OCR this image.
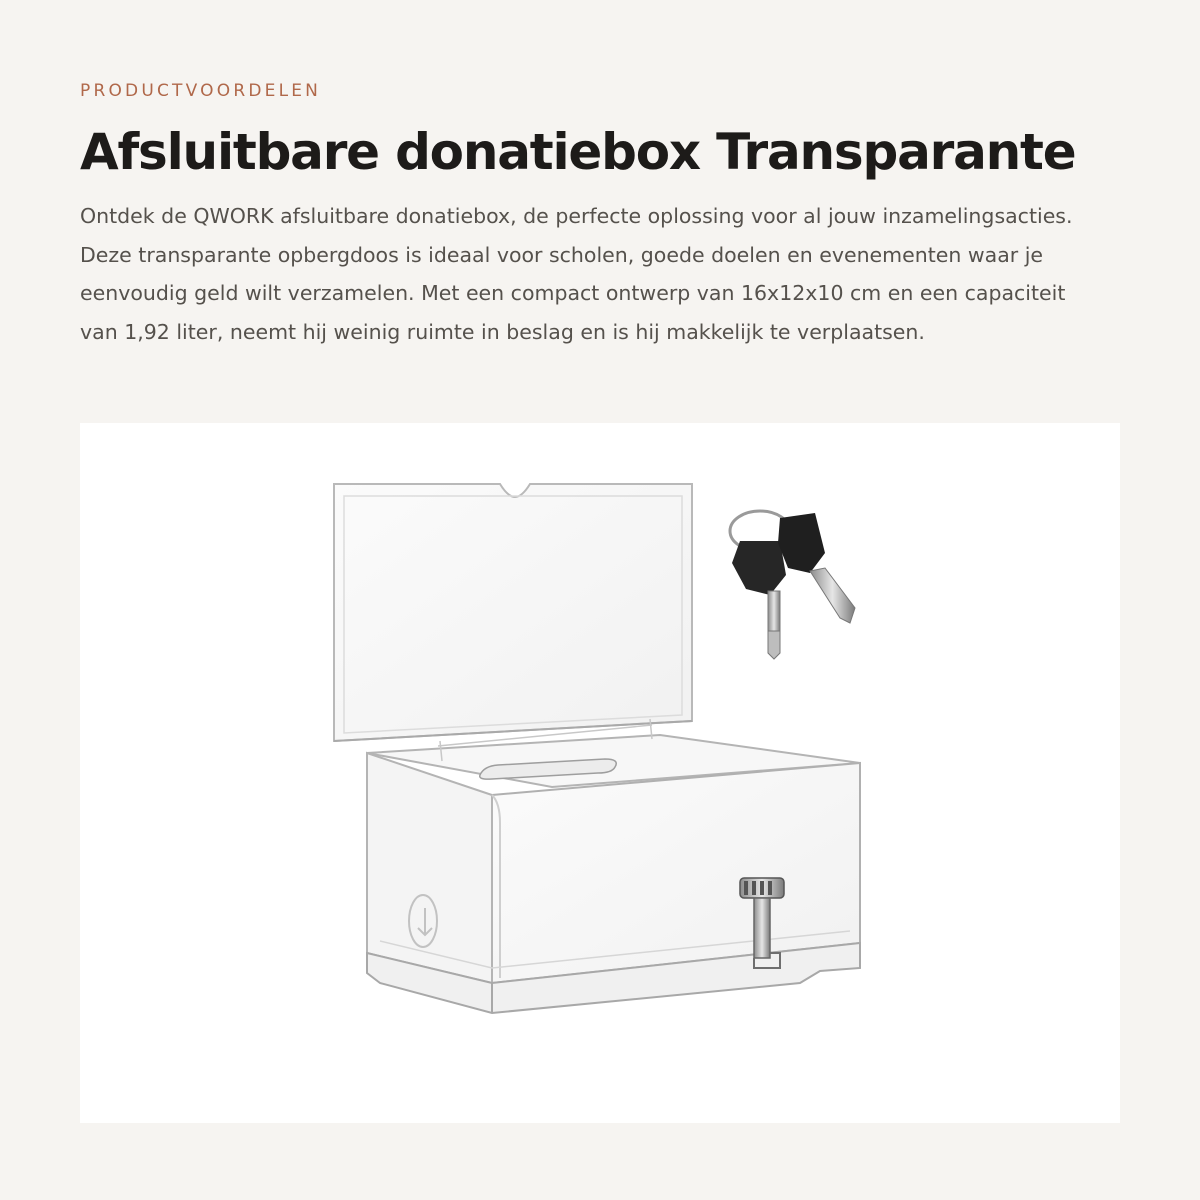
PRODUCTVOORDELEN
Afsluitbare donatiebox Transparante

Ontdek de QWORK afsluitbare donatiebox, de perfecte oplossing voor al jouw inzamelingsacties. Deze transparante opbergdoos is ideaal voor scholen, goede doelen en evenementen waar je eenvoudig geld wilt verzamelen. Met een compact ontwerp van 16x12x10 cm en een capaciteit van 1,92 liter, neemt hij weinig ruimte in beslag en is hij makkelijk te verplaatsen.
